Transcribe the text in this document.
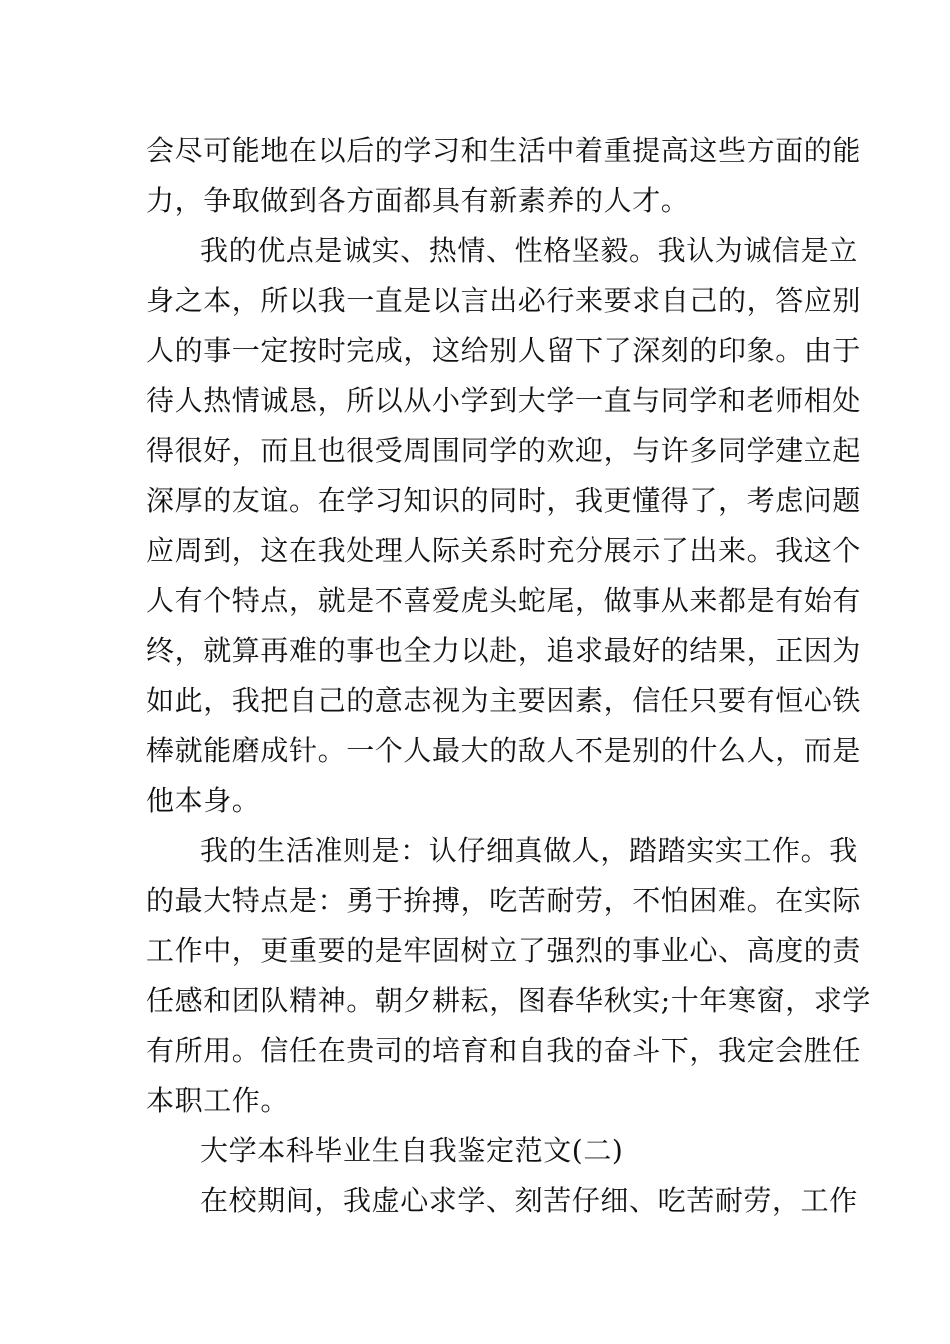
会尽可能地在以后的学习和生活中着重提高这些方面的能
力，争取做到各方面都具有新素养的人才。
我的优点是诚实、热情、性格坚毅。我认为诚信是立
身之本，所以我一直是以言出必行来要求自己的，答应别
人的事一定按时完成，这给别人留下了深刻的印象。由于
待人热情诚恳，所以从小学到大学一直与同学和老师相处
得很好，而且也很受周围同学的欢迎，与许多同学建立起
深厚的友谊。在学习知识的同时，我更懂得了，考虑问题
应周到，这在我处理人际关系时充分展示了出来。我这个
人有个特点，就是不喜爱虎头蛇尾，做事从来都是有始有
终，就算再难的事也全力以赴，追求最好的结果，正因为
如此，我把自己的意志视为主要因素，信任只要有恒心铁
棒就能磨成针。一个人最大的敌人不是别的什么人，而是
他本身。
我的生活准则是：认仔细真做人，踏踏实实工作。我
的最大特点是：勇于拚搏，吃苦耐劳，不怕困难。在实际
工作中，更重要的是牢固树立了强烈的事业心、高度的责
任感和团队精神。朝夕耕耘，图春华秋实;十年寒窗，求学
有所用。信任在贵司的培育和自我的奋斗下，我定会胜任
本职工作。
大学本科毕业生自我鉴定范文(二)
在校期间，我虚心求学、刻苦仔细、吃苦耐劳，工作
